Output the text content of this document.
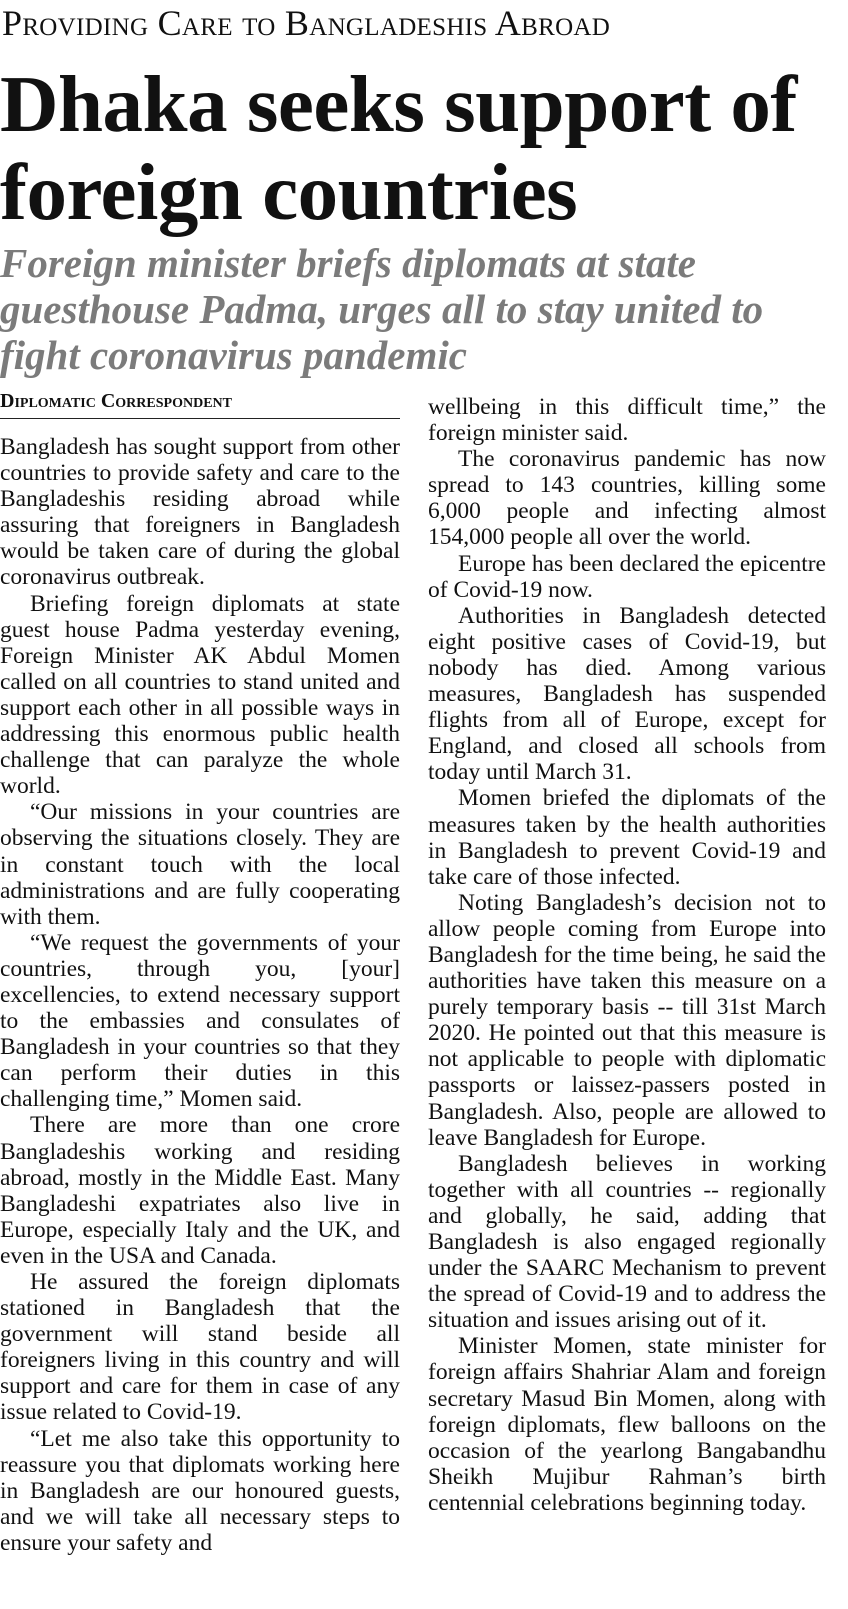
Providing Care to Bangladeshis Abroad
Dhaka seeks support of foreign countries
Foreign minister briefs diplomats at state guesthouse Padma, urges all to stay united to fight coronavirus pandemic
Diplomatic Correspondent

Bangladesh has sought support from other countries to provide safety and care to the Bangladeshis residing abroad while assuring that foreigners in Bangladesh would be taken care of during the global coronavirus outbreak.

Briefing foreign diplomats at state guest house Padma yesterday evening, Foreign Minister AK Abdul Momen called on all countries to stand united and support each other in all possible ways in addressing this enormous public health challenge that can paralyze the whole world.

“Our missions in your countries are observing the situations closely. They are in constant touch with the local administrations and are fully cooperating with them.

“We request the governments of your countries, through you, [your] excellencies, to extend necessary support to the embassies and consulates of Bangladesh in your countries so that they can perform their duties in this challenging time,” Momen said.

There are more than one crore Bangladeshis working and residing abroad, mostly in the Middle East. Many Bangladeshi expatriates also live in Europe, especially Italy and the UK, and even in the USA and Canada.

He assured the foreign diplomats stationed in Bangladesh that the government will stand beside all foreigners living in this country and will support and care for them in case of any issue related to Covid-19.

“Let me also take this opportunity to reassure you that diplomats working here in Bangladesh are our honoured guests, and we will take all necessary steps to ensure your safety and

wellbeing in this difficult time,” the foreign minister said.

The coronavirus pandemic has now spread to 143 countries, killing some 6,000 people and infecting almost 154,000 people all over the world.

Europe has been declared the epicentre of Covid-19 now.

Authorities in Bangladesh detected eight positive cases of Covid-19, but nobody has died. Among various measures, Bangladesh has suspended flights from all of Europe, except for England, and closed all schools from today until March 31.

Momen briefed the diplomats of the measures taken by the health authorities in Bangladesh to prevent Covid-19 and take care of those infected.

Noting Bangladesh’s decision not to allow people coming from Europe into Bangladesh for the time being, he said the authorities have taken this measure on a purely temporary basis -- till 31st March 2020. He pointed out that this measure is not applicable to people with diplomatic passports or laissez-passers posted in Bangladesh. Also, people are allowed to leave Bangladesh for Europe.

Bangladesh believes in working together with all countries -- regionally and globally, he said, adding that Bangladesh is also engaged regionally under the SAARC Mechanism to prevent the spread of Covid-19 and to address the situation and issues arising out of it.

Minister Momen, state minister for foreign affairs Shahriar Alam and foreign secretary Masud Bin Momen, along with foreign diplomats, flew balloons on the occasion of the yearlong Bangabandhu Sheikh Mujibur Rahman’s birth centennial celebrations beginning today.
